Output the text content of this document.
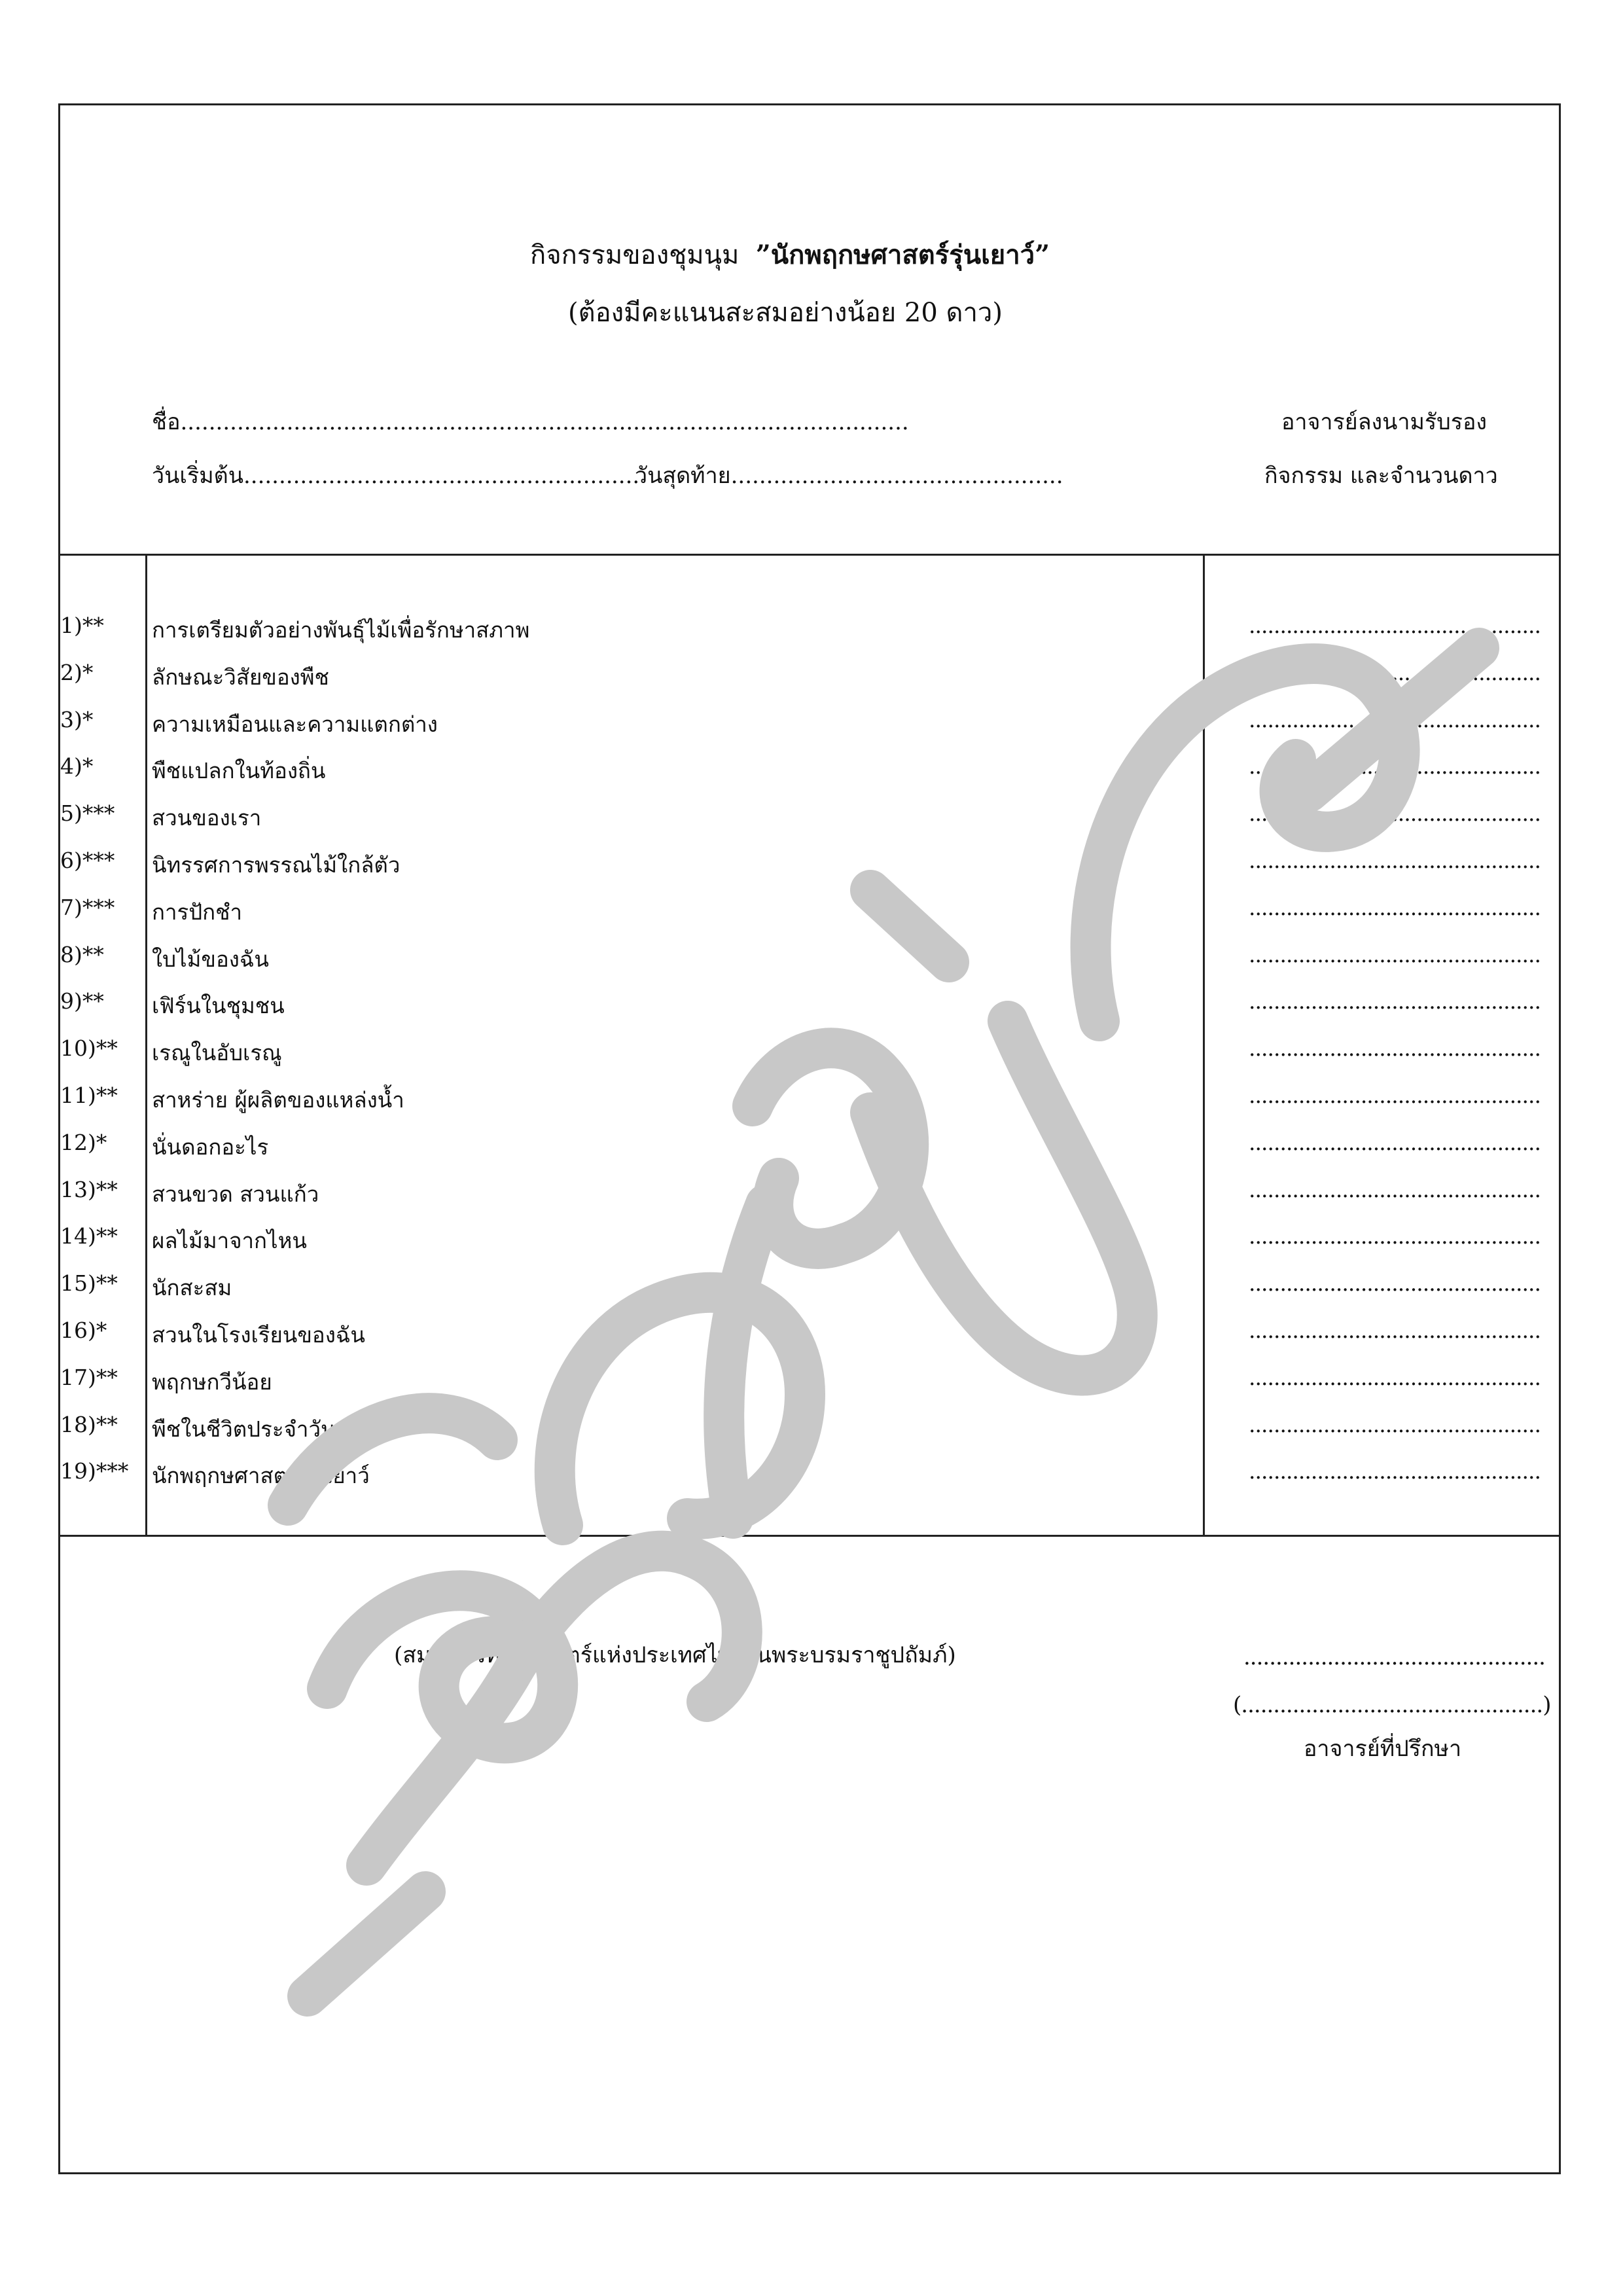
กิจกรรมของชุมนุม ”นักพฤกษศาสตร์รุ่นเยาว์”
(ต้องมีคะแนนสะสมอย่างน้อย 20 ดาว)
ชื่อ.......................................................................................................
วันเริ่มต้น........................................................
วันสุดท้าย...............................................
อาจารย์ลงนามรับรอง
กิจกรรม และจำนวนดาว
1)** การเตรียมตัวอย่างพันธุ์ไม้เพื่อรักษาสภาพ	...............................................
2)*	ลักษณะวิสัยของพืช	...............................................
3)*	ความเหมือนและความแตกต่าง	...............................................
4)*	พืชแปลกในท้องถิ่น	...............................................
5)*** สวนของเรา	...............................................
6)*** นิทรรศการพรรณไม้ใกล้ตัว	...............................................
7)*** การปักชำ	...............................................
8)** ใบไม้ของฉัน	...............................................
9)** เฟิร์นในชุมชน	...............................................
10)** เรณูในอับเรณู	...............................................
11)** สาหร่าย ผู้ผลิตของแหล่งน้ำ	...............................................
12)* นั่นดอกอะไร	...............................................
13)** สวนขวด สวนแก้ว	...............................................
14)** ผลไม้มาจากไหน	...............................................
15)** นักสะสม	...............................................
16)* สวนในโรงเรียนของฉัน	...............................................
17)** พฤกษกวีน้อย	...............................................
18)** พืชในชีวิตประจำวัน	...............................................
19)*** นักพฤกษศาสตร์รุ่นเยาว์	...............................................
(สมาคมวิทยาศาสตร์แห่งประเทศไทยในพระบรมราชูปถัมภ์)	...............................................
(...............................................)
อาจารย์ที่ปรึกษา
